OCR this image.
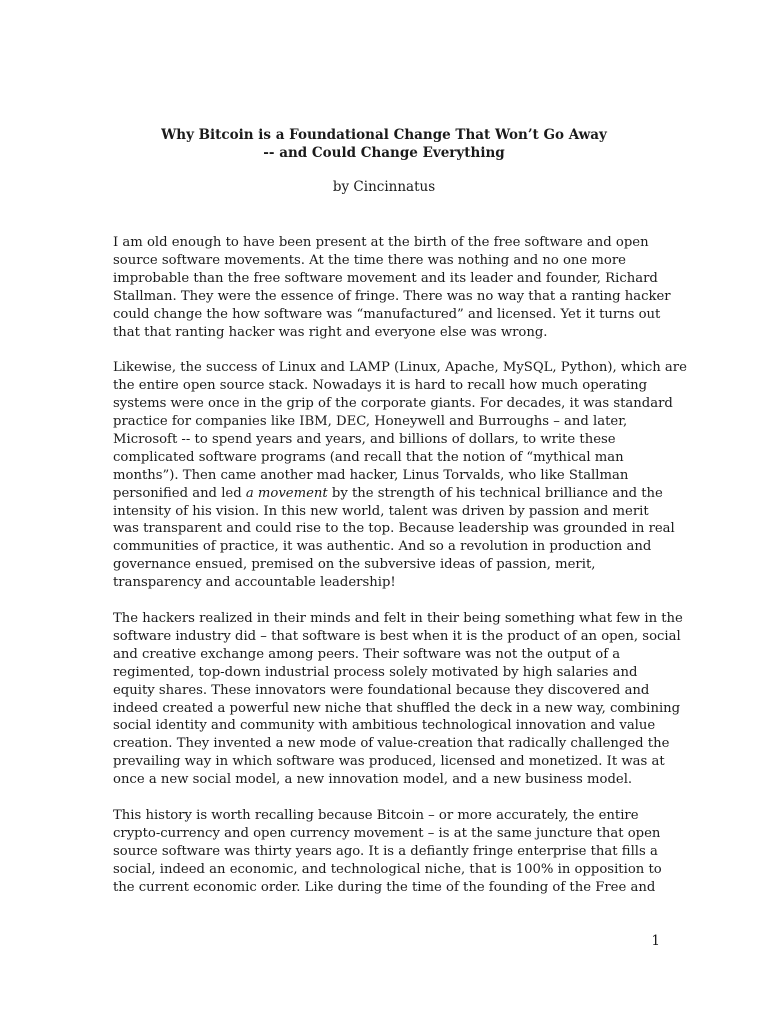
Why Bitcoin is a Foundational Change That Won’t Go Away
-- and Could Change Everything
by Cincinnatus

I am old enough to have been present at the birth of the free software and open
source software movements. At the time there was nothing and no one more
improbable than the free software movement and its leader and founder, Richard
Stallman. They were the essence of fringe. There was no way that a ranting hacker
could change the how software was “manufactured” and licensed. Yet it turns out
that that ranting hacker was right and everyone else was wrong.

Likewise, the success of Linux and LAMP (Linux, Apache, MySQL, Python), which are
the entire open source stack. Nowadays it is hard to recall how much operating
systems were once in the grip of the corporate giants. For decades, it was standard
practice for companies like IBM, DEC, Honeywell and Burroughs – and later,
Microsoft -- to spend years and years, and billions of dollars, to write these
complicated software programs (and recall that the notion of “mythical man
months”). Then came another mad hacker, Linus Torvalds, who like Stallman
personified and led a movement by the strength of his technical brilliance and the
intensity of his vision. In this new world, talent was driven by passion and merit
was transparent and could rise to the top. Because leadership was grounded in real
communities of practice, it was authentic. And so a revolution in production and
governance ensued, premised on the subversive ideas of passion, merit,
transparency and accountable leadership!

The hackers realized in their minds and felt in their being something what few in the
software industry did – that software is best when it is the product of an open, social
and creative exchange among peers. Their software was not the output of a
regimented, top-down industrial process solely motivated by high salaries and
equity shares. These innovators were foundational because they discovered and
indeed created a powerful new niche that shuffled the deck in a new way, combining
social identity and community with ambitious technological innovation and value
creation. They invented a new mode of value-creation that radically challenged the
prevailing way in which software was produced, licensed and monetized. It was at
once a new social model, a new innovation model, and a new business model.

This history is worth recalling because Bitcoin – or more accurately, the entire
crypto-currency and open currency movement – is at the same juncture that open
source software was thirty years ago. It is a defiantly fringe enterprise that fills a
social, indeed an economic, and technological niche, that is 100% in opposition to
the current economic order. Like during the time of the founding of the Free and

1
